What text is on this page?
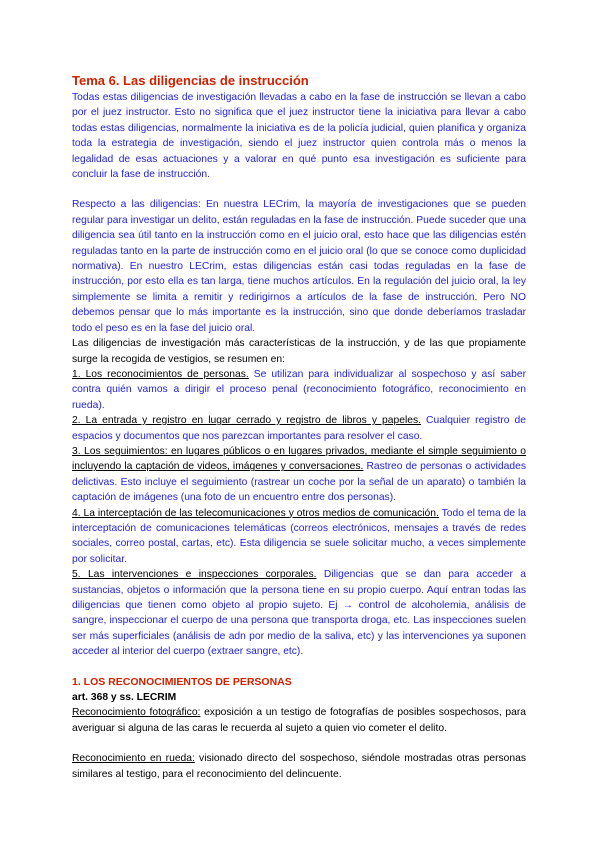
Tema 6. Las diligencias de instrucción

Todas estas diligencias de investigación llevadas a cabo en la fase de instrucción se llevan a cabo por el juez instructor. Esto no significa que el juez instructor tiene la iniciativa para llevar a cabo todas estas diligencias, normalmente la iniciativa es de la policía judicial, quien planifica y organiza toda la estrategia de investigación, siendo el juez instructor quien controla más o menos la legalidad de esas actuaciones y a valorar en qué punto esa investigación es suficiente para concluir la fase de instrucción.

Respecto a las diligencias: En nuestra LECrim, la mayoría de investigaciones que se pueden regular para investigar un delito, están reguladas en la fase de instrucción. Puede suceder que una diligencia sea útil tanto en la instrucción como en el juicio oral, esto hace que las diligencias estén reguladas tanto en la parte de instrucción como en el juicio oral (lo que se conoce como duplicidad normativa). En nuestro LECrim, estas diligencias están casi todas reguladas en la fase de instrucción, por esto ella es tan larga, tiene muchos artículos. En la regulación del juicio oral, la ley simplemente se limita a remitir y redirigirnos a artículos de la fase de instrucción. Pero NO debemos pensar que lo más importante es la instrucción, sino que donde deberíamos trasladar todo el peso es en la fase del juicio oral.

Las diligencias de investigación más características de la instrucción, y de las que propiamente surge la recogida de vestigios, se resumen en:

1. Los reconocimientos de personas. Se utilizan para individualizar al sospechoso y así saber contra quién vamos a dirigir el proceso penal (reconocimiento fotográfico, reconocimiento en rueda).

2. La entrada y registro en lugar cerrado y registro de libros y papeles. Cualquier registro de espacios y documentos que nos parezcan importantes para resolver el caso.

3. Los seguimientos: en lugares públicos o en lugares privados, mediante el simple seguimiento o incluyendo la captación de videos, imágenes y conversaciones. Rastreo de personas o actividades delictivas. Esto incluye el seguimiento (rastrear un coche por la señal de un aparato) o también la captación de imágenes (una foto de un encuentro entre dos personas).

4. La interceptación de las telecomunicaciones y otros medios de comunicación. Todo el tema de la interceptación de comunicaciones telemáticas (correos electrónicos, mensajes a través de redes sociales, correo postal, cartas, etc). Esta diligencia se suele solicitar mucho, a veces simplemente por solicitar.

5. Las intervenciones e inspecciones corporales. Diligencias que se dan para acceder a sustancias, objetos o información que la persona tiene en su propio cuerpo. Aquí entran todas las diligencias que tienen como objeto al propio sujeto. Ej → control de alcoholemia, análisis de sangre, inspeccionar el cuerpo de una persona que transporta droga, etc. Las inspecciones suelen ser más superficiales (análisis de adn por medio de la saliva, etc) y las intervenciones ya suponen acceder al interior del cuerpo (extraer sangre, etc).

1. LOS RECONOCIMIENTOS DE PERSONAS

art. 368 y ss. LECRIM

Reconocimiento fotográfico: exposición a un testigo de fotografías de posibles sospechosos, para averiguar si alguna de las caras le recuerda al sujeto a quien vio cometer el delito.

Reconocimiento en rueda: visionado directo del sospechoso, siéndole mostradas otras personas similares al testigo, para el reconocimiento del delincuente.
